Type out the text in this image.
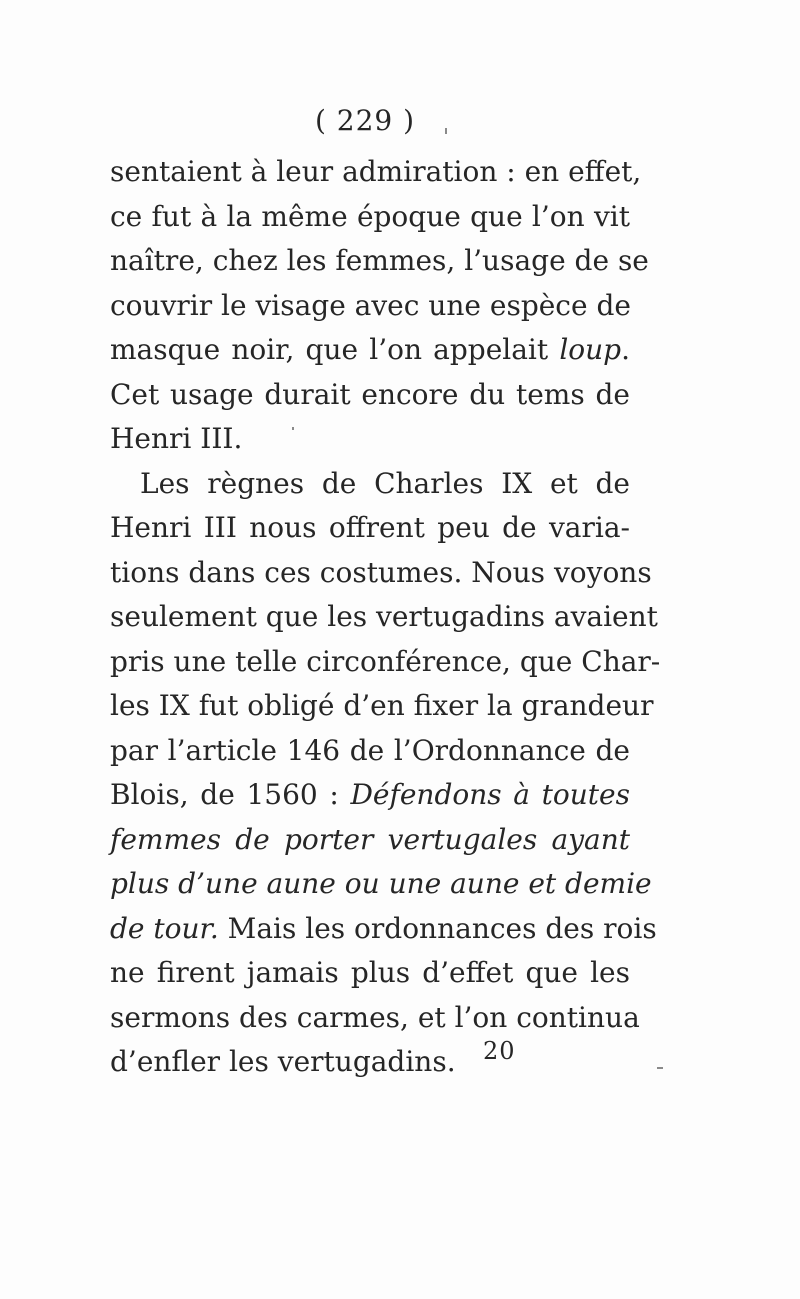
( 229 )
sentaient à leur admiration : en effet,
ce fut à la même époque que l’on vit
naître, chez les femmes, l’usage de se
couvrir le visage avec une espèce de
masque noir, que l’on appelait loup.
Cet usage durait encore du tems de
Henri III.
Les règnes de Charles IX et de
Henri III nous offrent peu de varia-
tions dans ces costumes. Nous voyons
seulement que les vertugadins avaient
pris une telle circonférence, que Char-
les IX fut obligé d’en fixer la grandeur
par l’article 146 de l’Ordonnance de
Blois, de 1560 : Défendons à toutes
femmes de porter vertugales ayant
plus d’une aune ou une aune et demie
de tour. Mais les ordonnances des rois
ne firent jamais plus d’effet que les
sermons des carmes, et l’on continua
d’enfler les vertugadins.	20
